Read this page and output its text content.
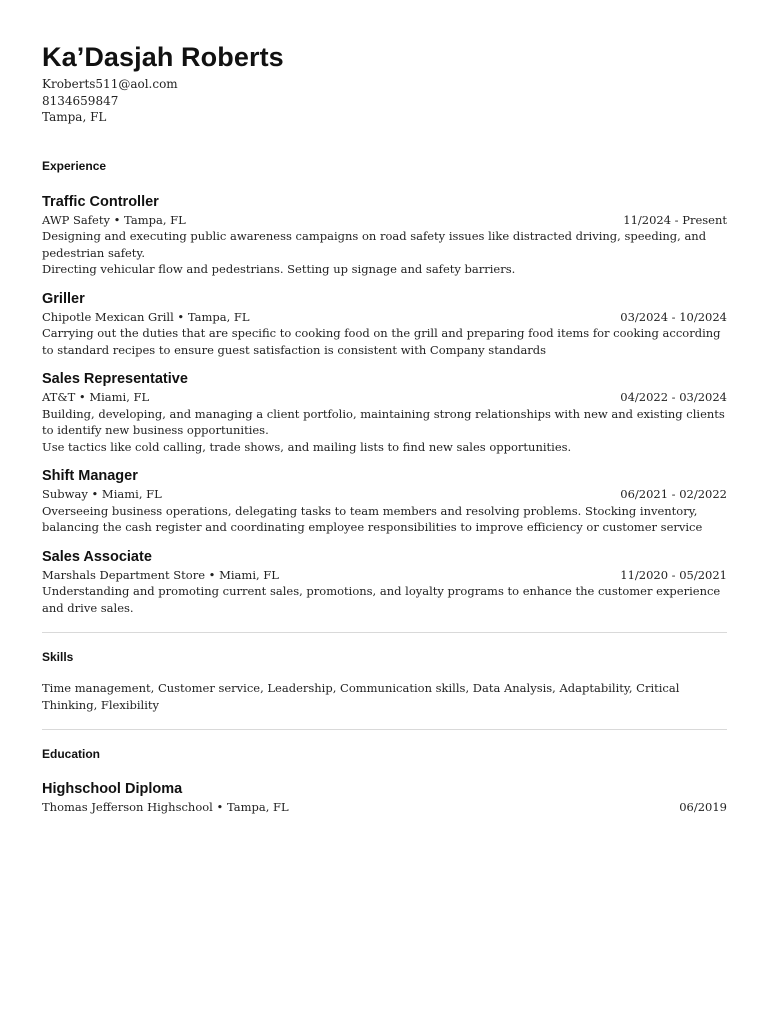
Ka’Dasjah Roberts
Kroberts511@aol.com
8134659847
Tampa, FL
Experience
Traffic Controller
AWP Safety • Tampa, FL	11/2024 - Present
Designing and executing public awareness campaigns on road safety issues like distracted driving, speeding, and pedestrian safety.
Directing vehicular flow and pedestrians. Setting up signage and safety barriers.
Griller
Chipotle Mexican Grill • Tampa, FL	03/2024 - 10/2024
Carrying out the duties that are specific to cooking food on the grill and preparing food items for cooking according to standard recipes to ensure guest satisfaction is consistent with Company standards
Sales Representative
AT&T • Miami, FL	04/2022 - 03/2024
Building, developing, and managing a client portfolio, maintaining strong relationships with new and existing clients to identify new business opportunities.
Use tactics like cold calling, trade shows, and mailing lists to find new sales opportunities.
Shift Manager
Subway • Miami, FL	06/2021 - 02/2022
Overseeing business operations, delegating tasks to team members and resolving problems. Stocking inventory, balancing the cash register and coordinating employee responsibilities to improve efficiency or customer service
Sales Associate
Marshals Department Store • Miami, FL	11/2020 - 05/2021
Understanding and promoting current sales, promotions, and loyalty programs to enhance the customer experience and drive sales.
Skills
Time management, Customer service, Leadership, Communication skills, Data Analysis, Adaptability, Critical Thinking, Flexibility
Education
Highschool Diploma
Thomas Jefferson Highschool • Tampa, FL	06/2019
